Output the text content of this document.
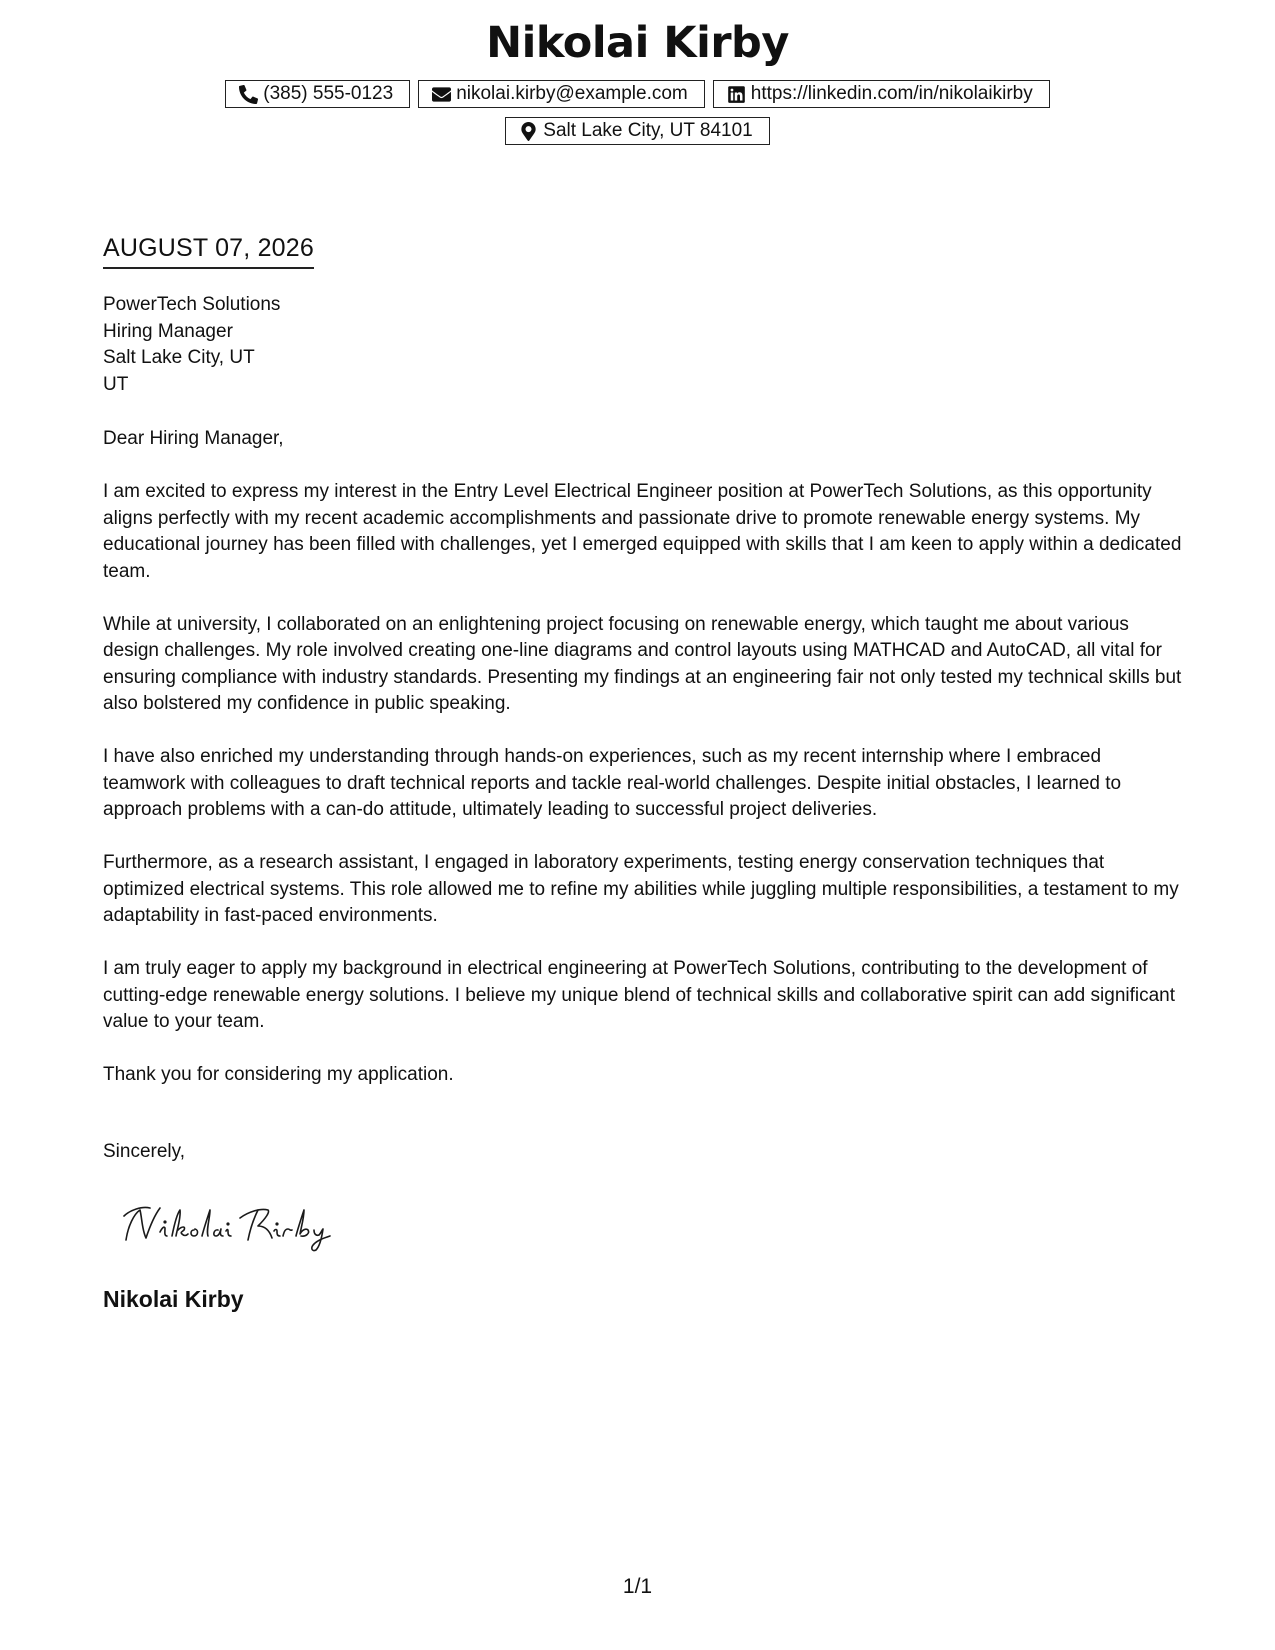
Nikolai Kirby
(385) 555-0123	nikolai.kirby@example.com	https://linkedin.com/in/nikolaikirby
Salt Lake City, UT 84101
AUGUST 07, 2026
PowerTech Solutions
Hiring Manager
Salt Lake City, UT
UT
Dear Hiring Manager,

I am excited to express my interest in the Entry Level Electrical Engineer position at PowerTech Solutions, as this opportunity aligns perfectly with my recent academic accomplishments and passionate drive to promote renewable energy systems. My educational journey has been filled with challenges, yet I emerged equipped with skills that I am keen to apply within a dedicated team.

While at university, I collaborated on an enlightening project focusing on renewable energy, which taught me about various design challenges. My role involved creating one-line diagrams and control layouts using MATHCAD and AutoCAD, all vital for ensuring compliance with industry standards. Presenting my findings at an engineering fair not only tested my technical skills but also bolstered my confidence in public speaking.

I have also enriched my understanding through hands-on experiences, such as my recent internship where I embraced teamwork with colleagues to draft technical reports and tackle real-world challenges. Despite initial obstacles, I learned to approach problems with a can-do attitude, ultimately leading to successful project deliveries.

Furthermore, as a research assistant, I engaged in laboratory experiments, testing energy conservation techniques that optimized electrical systems. This role allowed me to refine my abilities while juggling multiple responsibilities, a testament to my adaptability in fast-paced environments.

I am truly eager to apply my background in electrical engineering at PowerTech Solutions, contributing to the development of cutting-edge renewable energy solutions. I believe my unique blend of technical skills and collaborative spirit can add significant value to your team.

Thank you for considering my application.

Sincerely,
Nikolai Kirby
1/1
